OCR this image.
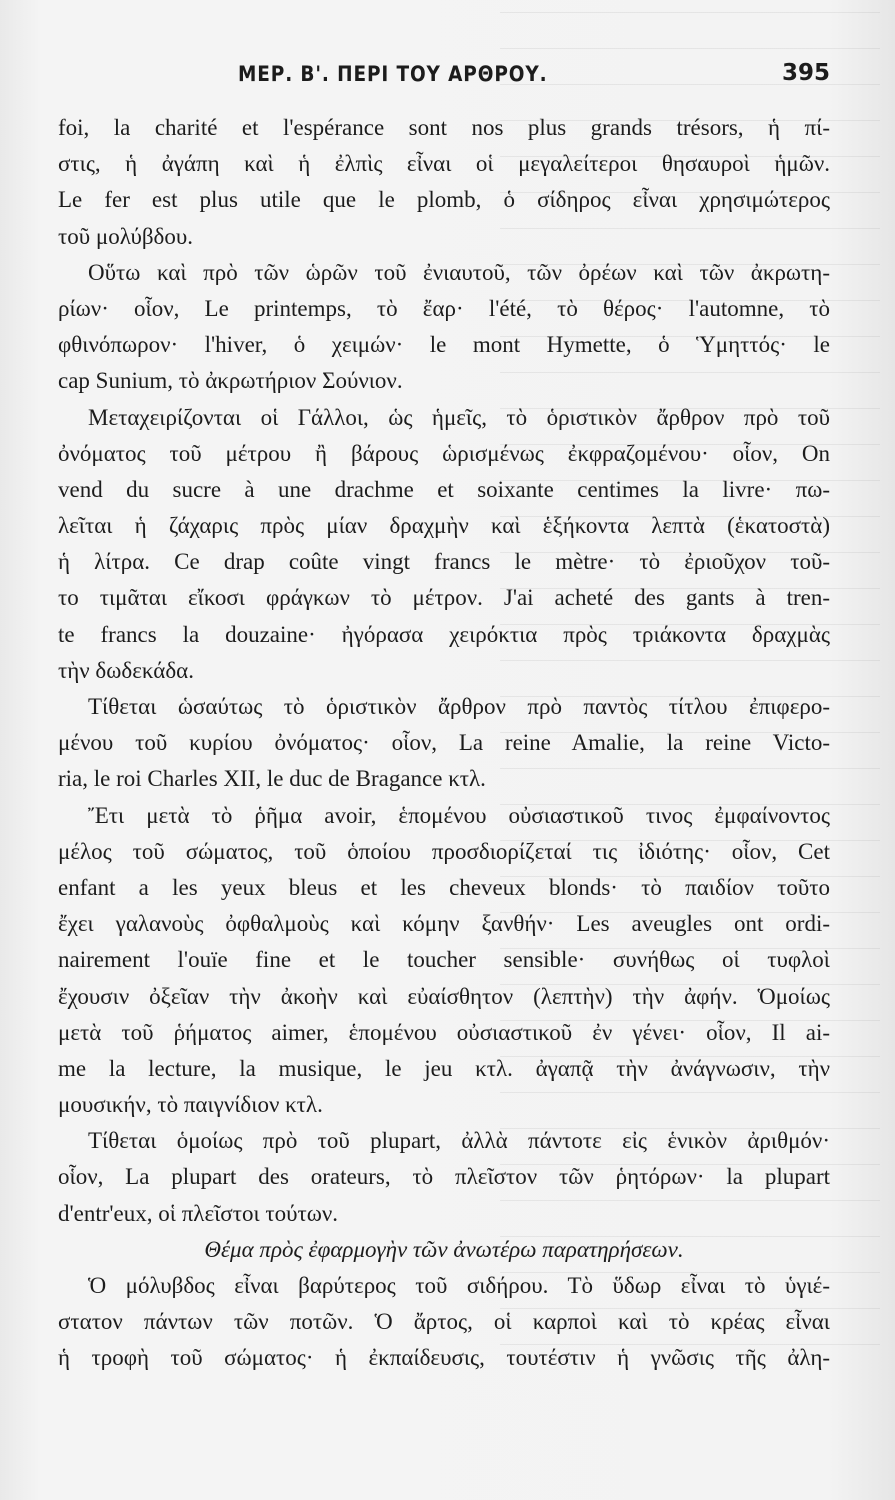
ΜΕΡ. Β'. ΠΕΡΙ ΤΟΥ ΑΡΘΡΟΥ.	395
foi, la charité et l'espérance sont nos plus grands trésors, ἡ πί-
στις, ἡ ἀγάπη καὶ ἡ ἐλπὶς εἶναι οἱ μεγαλείτεροι θησαυροὶ ἡμῶν.
Le fer est plus utile que le plomb, ὁ σίδηρος εἶναι χρησιμώτερος
τοῦ μολύβδου.
Οὕτω καὶ πρὸ τῶν ὡρῶν τοῦ ἐνιαυτοῦ, τῶν ὀρέων καὶ τῶν ἀκρωτη-
ρίων· οἷον, Le printemps, τὸ ἔαρ· l'été, τὸ θέρος· l'automne, τὸ
φθινόπωρον· l'hiver, ὁ χειμών· le mont Hymette, ὁ Ὑμηττός· le
cap Sunium, τὸ ἀκρωτήριον Σούνιον.
Μεταχειρίζονται οἱ Γάλλοι, ὡς ἡμεῖς, τὸ ὁριστικὸν ἄρθρον πρὸ τοῦ
ὀνόματος τοῦ μέτρου ἢ βάρους ὡρισμένως ἐκφραζομένου· οἷον, On
vend du sucre à une drachme et soixante centimes la livre· πω-
λεῖται ἡ ζάχαρις πρὸς μίαν δραχμὴν καὶ ἑξήκοντα λεπτὰ (ἑκατοστὰ)
ἡ λίτρα. Ce drap coûte vingt francs le mètre· τὸ ἐριοῦχον τοῦ-
το τιμᾶται εἴκοσι φράγκων τὸ μέτρον. J'ai acheté des gants à tren-
te francs la douzaine· ἠγόρασα χειρόκτια πρὸς τριάκοντα δραχμὰς
τὴν δωδεκάδα.
Τίθεται ὡσαύτως τὸ ὁριστικὸν ἄρθρον πρὸ παντὸς τίτλου ἐπιφερο-
μένου τοῦ κυρίου ὀνόματος· οἷον, La reine Amalie, la reine Victo-
ria, le roi Charles XII, le duc de Bragance κτλ.
Ἔτι μετὰ τὸ ῥῆμα avoir, ἑπομένου οὐσιαστικοῦ τινος ἐμφαίνοντος
μέλος τοῦ σώματος, τοῦ ὁποίου προσδιορίζεταί τις ἰδιότης· οἷον, Cet
enfant a les yeux bleus et les cheveux blonds· τὸ παιδίον τοῦτο
ἔχει γαλανοὺς ὀφθαλμοὺς καὶ κόμην ξανθήν· Les aveugles ont ordi-
nairement l'ouïe fine et le toucher sensible· συνήθως οἱ τυφλοὶ
ἔχουσιν ὀξεῖαν τὴν ἀκοὴν καὶ εὐαίσθητον (λεπτὴν) τὴν ἀφήν. Ὁμοίως
μετὰ τοῦ ῥήματος aimer, ἑπομένου οὐσιαστικοῦ ἐν γένει· οἷον, Il ai-
me la lecture, la musique, le jeu κτλ. ἀγαπᾷ τὴν ἀνάγνωσιν, τὴν
μουσικήν, τὸ παιγνίδιον κτλ.
Τίθεται ὁμοίως πρὸ τοῦ plupart, ἀλλὰ πάντοτε εἰς ἑνικὸν ἀριθμόν·
οἷον, La plupart des orateurs, τὸ πλεῖστον τῶν ῥητόρων· la plupart
d'entr'eux, οἱ πλεῖστοι τούτων.
Θέμα πρὸς ἐφαρμογὴν τῶν ἀνωτέρω παρατηρήσεων.
Ὁ μόλυβδος εἶναι βαρύτερος τοῦ σιδήρου. Τὸ ὕδωρ εἶναι τὸ ὑγιέ-
στατον πάντων τῶν ποτῶν. Ὁ ἄρτος, οἱ καρποὶ καὶ τὸ κρέας εἶναι
ἡ τροφὴ τοῦ σώματος· ἡ ἐκπαίδευσις, τουτέστιν ἡ γνῶσις τῆς ἀλη-
